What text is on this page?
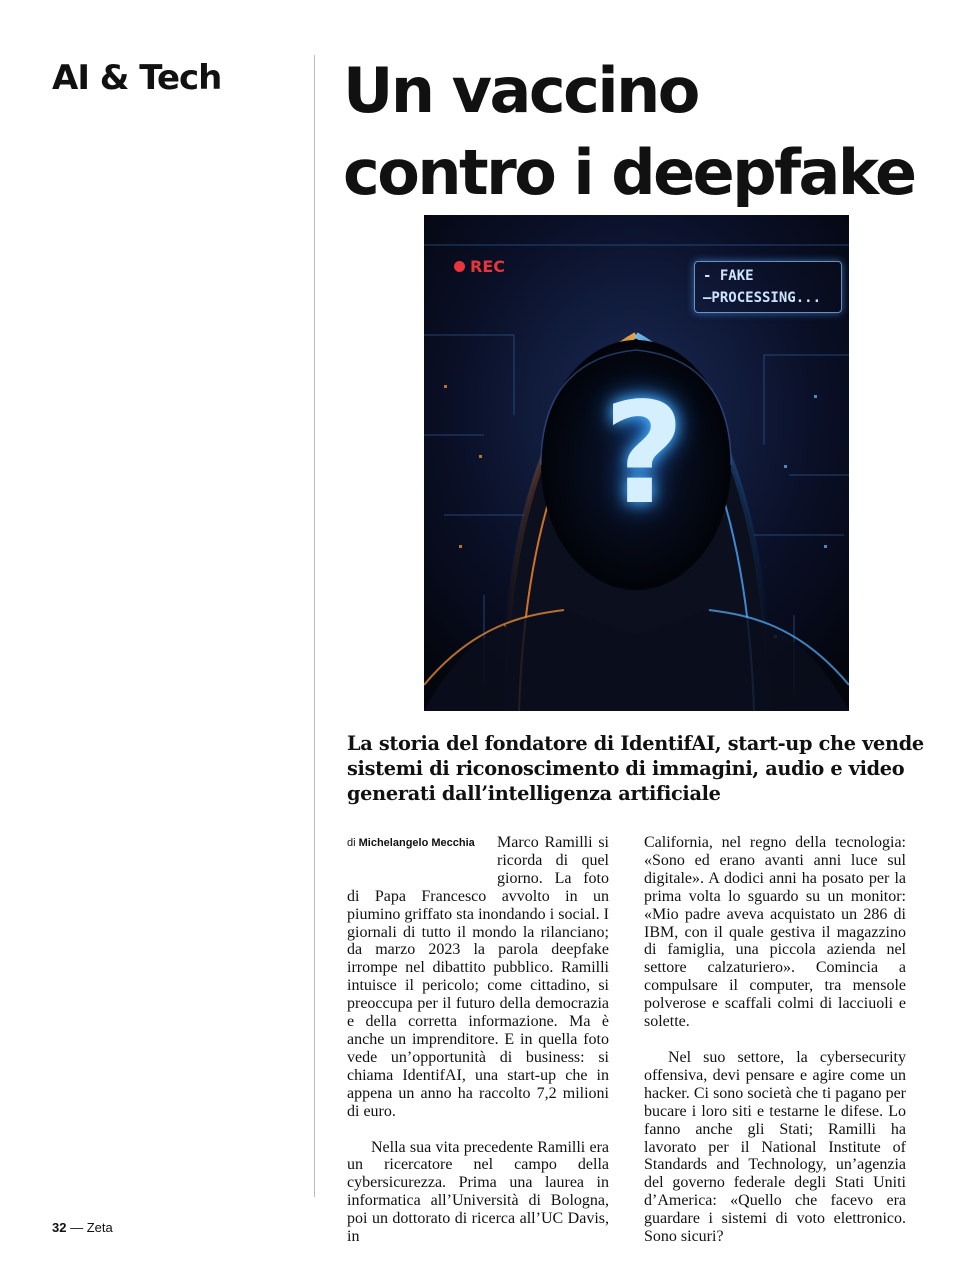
AI & Tech Un vaccino
contro i deepfake
REC	- FAKE
—PROCESSING...
?
La storia del fondatore di IdentifAI, start-up che vende sistemi di riconoscimento di immagini, audio e video generati dall’intelligenza artificiale
di Michelangelo Mecchia	Marco Ramilli si ricorda di quel giorno. La foto di Papa Francesco avvolto in un piumino griffato sta inondando i social. I giornali di tutto il mondo la rilanciano; da marzo 2023 la parola deepfake irrompe nel dibattito pubblico. Ramilli intuisce il pericolo; come cittadino, si preoccupa per il futuro della democrazia e della corretta informazione. Ma è anche un imprenditore. E in quella foto vede un’opportunità di business: si chiama IdentifAI, una start-up che in appena un anno ha raccolto 7,2 milioni di euro.

Nella sua vita precedente Ramilli era un ricercatore nel campo della cybersicurezza. Prima una laurea in informatica all’Università di Bologna, poi un dottorato di ricerca all’UC Davis, in

California, nel regno della tecnologia: «Sono ed erano avanti anni luce sul digitale». A dodici anni ha posato per la prima volta lo sguardo su un monitor: «Mio padre aveva acquistato un 286 di IBM, con il quale gestiva il magazzino di famiglia, una piccola azienda nel settore calzaturiero». Comincia a compulsare il computer, tra mensole polverose e scaffali colmi di lacciuoli e solette.

Nel suo settore, la cybersecurity offensiva, devi pensare e agire come un hacker. Ci sono società che ti pagano per bucare i loro siti e testarne le difese. Lo fanno anche gli Stati; Ramilli ha lavorato per il National Institute of Standards and Technology, un’agenzia del governo federale degli Stati Uniti d’America: «Quello che facevo era guardare i sistemi di voto elettronico. Sono sicuri?

32 — Zeta
